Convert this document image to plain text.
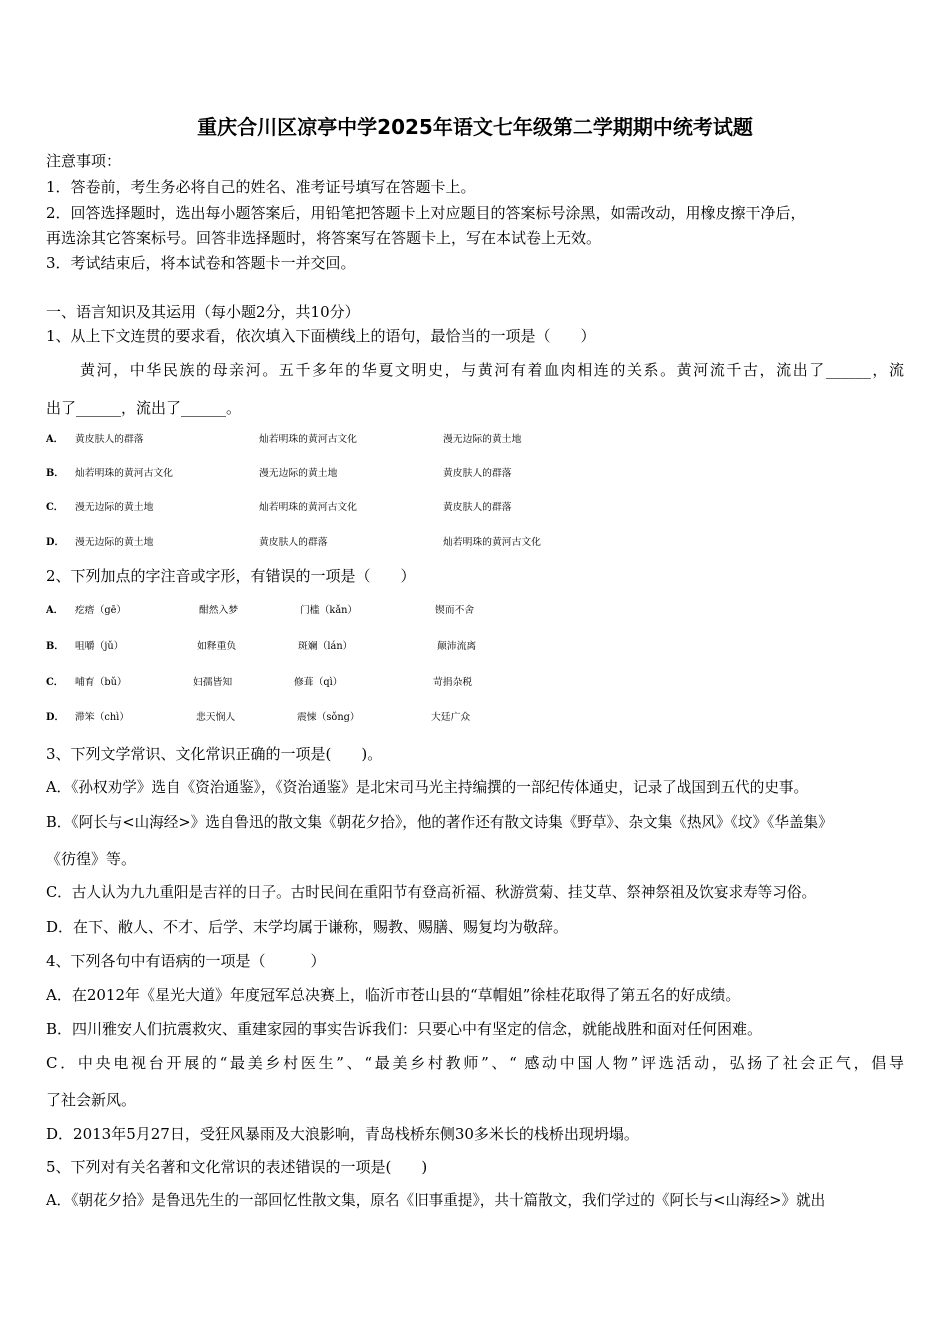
重庆合川区凉亭中学2025年语文七年级第二学期期中统考试题
注意事项：
1．答卷前，考生务必将自己的姓名、准考证号填写在答题卡上。
2．回答选择题时，选出每小题答案后，用铅笔把答题卡上对应题目的答案标号涂黑，如需改动，用橡皮擦干净后，
再选涂其它答案标号。回答非选择题时，将答案写在答题卡上，写在本试卷上无效。
3．考试结束后，将本试卷和答题卡一并交回。
一、语言知识及其运用（每小题2分，共10分）
1、从上下文连贯的要求看，依次填入下面横线上的语句，最恰当的一项是（　　）
黄河，中华民族的母亲河。五千多年的华夏文明史，与黄河有着血肉相连的关系。黄河流千古，流出了______，流
出了______，流出了______。
A． 黄皮肤人的群落	灿若明珠的黄河古文化	漫无边际的黄土地
B． 灿若明珠的黄河古文化	漫无边际的黄土地	黄皮肤人的群落
C． 漫无边际的黄土地	灿若明珠的黄河古文化	黄皮肤人的群落
D． 漫无边际的黄土地	黄皮肤人的群落	灿若明珠的黄河古文化
2、下列加点的字注音或字形，有错误的一项是（　　）
A． 疙瘩（gē）	酣然入梦	门槛（kǎn）	锲而不舍
B． 咀嚼（jǔ）	如释重负	斑斓（lán）	颠沛流离
C． 哺育（bǔ）	妇孺皆知	修葺（qì）	苛捐杂税
D． 滞笨（chì）	悲天悯人	震悚（sǒng）	大廷广众
3、下列文学常识、文化常识正确的一项是(　　)。
A．《孙权劝学》选自《资治通鉴》，《资治通鉴》是北宋司马光主持编撰的一部纪传体通史，记录了战国到五代的史事。
B．《阿长与<山海经>》选自鲁迅的散文集《朝花夕拾》，他的著作还有散文诗集《野草》、杂文集《热风》《坟》《华盖集》
《彷徨》等。
C．古人认为九九重阳是吉祥的日子。古时民间在重阳节有登高祈福、秋游赏菊、挂艾草、祭神祭祖及饮宴求寿等习俗。
D．在下、敝人、不才、后学、末学均属于谦称，赐教、赐膳、赐复均为敬辞。
4、下列各句中有语病的一项是（　　　）
A．在2012年《星光大道》年度冠军总决赛上，临沂市苍山县的“草帽姐”徐桂花取得了第五名的好成绩。
B．四川雅安人们抗震救灾、重建家园的事实告诉我们：只要心中有坚定的信念，就能战胜和面对任何困难。
C．中央电视台开展的“最美乡村医生”、“最美乡村教师”、“ 感动中国人物”评选活动，弘扬了社会正气，倡导
了社会新风。
D．2013年5月27日，受狂风暴雨及大浪影响，青岛栈桥东侧30多米长的栈桥出现坍塌。
5、下列对有关名著和文化常识的表述错误的一项是(　　)
A．《朝花夕拾》是鲁迅先生的一部回忆性散文集，原名《旧事重提》，共十篇散文，我们学过的《阿长与<山海经>》就出
